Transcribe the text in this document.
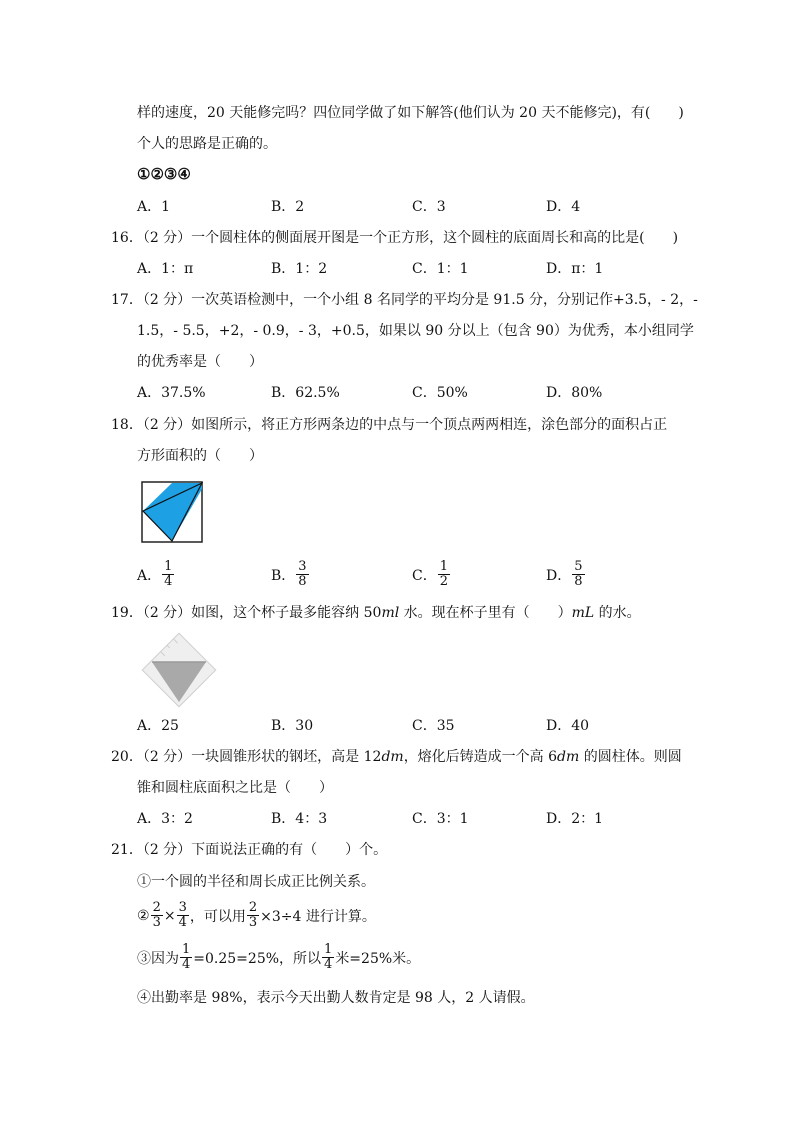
样的速度，20 天能修完吗？四位同学做了如下解答(他们认为 20 天不能修完)，有(　　)
个人的思路是正确的。
①②③④
A．1	B．2	C．3	D．4
16．（2 分）一个圆柱体的侧面展开图是一个正方形，这个圆柱的底面周长和高的比是(　　)
A．1：π	B．1：2	C．1：1	D．π：1
17．（2 分）一次英语检测中，一个小组 8 名同学的平均分是 91.5 分，分别记作+3.5，- 2，-
1.5，- 5.5，+2，- 0.9，- 3，+0.5，如果以 90 分以上（包含 90）为优秀，本小组同学
的优秀率是（　　）
A．37.5%	B．62.5%	C．50%	D．80%
18．（2 分）如图所示，将正方形两条边的中点与一个顶点两两相连，涂色部分的面积占正
方形面积的（　　）
A． $\frac{1}{4}$	B． $\frac{3}{8}$	C． $\frac{1}{2}$	D． $\frac{5}{8}$
19．（2 分）如图，这个杯子最多能容纳 50ml 水。现在杯子里有（　　）mL 的水。
A．25	B．30	C．35	D．40
20．（2 分）一块圆锥形状的钢坯，高是 12dm，熔化后铸造成一个高 6dm 的圆柱体。则圆
锥和圆柱底面积之比是（　　）
A．3：2	B．4：3	C．3：1	D．2：1
21．（2 分）下面说法正确的有（　　）个。
①一个圆的半径和周长成正比例关系。
② $\frac{2}{3} \times \frac{3}{4}$ ，可以用 $\frac{2}{3} \times 3\div 4$ 进行计算。
③因为 $\frac{1}{4} =0.25=25\%$，所以 $\frac{1}{4}$ 米=25%米。
④出勤率是 98%，表示今天出勤人数肯定是 98 人，2 人请假。
